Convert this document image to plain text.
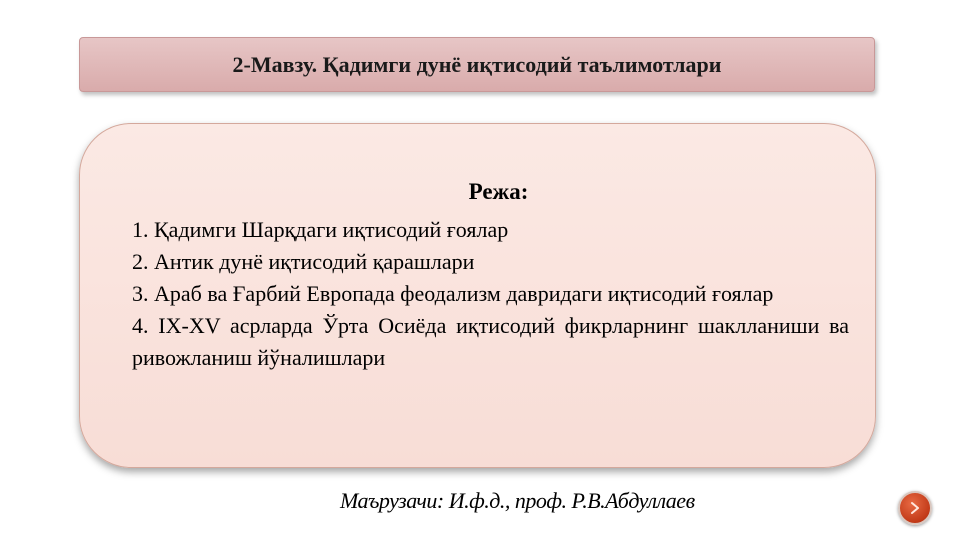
2-Мавзу. Қадимги дунё иқтисодий таълимотлари
Режа:
1. Қадимги Шарқдаги иқтисодий ғоялар
2. Антик дунё иқтисодий қарашлари
3. Араб ва Ғарбий Европада феодализм давридаги иқтисодий ғоялар
4. IX-XV асрларда Ўрта Осиёда иқтисодий фикрларнинг шаклланиши ва ривожланиш йўналишлари
Маърузачи: И.ф.д., проф. Р.В.Абдуллаев
